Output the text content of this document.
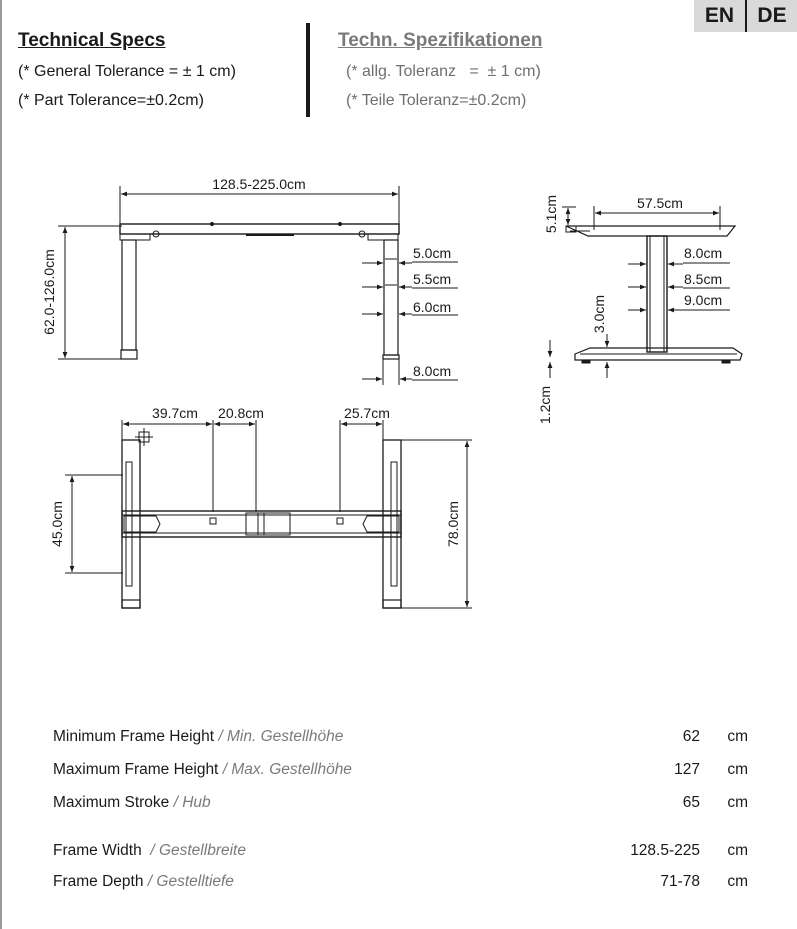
EN	DE
Technical Specs
(* General Tolerance = ± 1 cm)
(* Part Tolerance=±0.2cm)
Techn. Spezifikationen
(* allg. Toleranz   =  ± 1 cm)
(* Teile Toleranz=±0.2cm)
128.5-225.0cm
62.0-126.0cm	5.0cm
5.5cm
6.0cm
8.0cm
57.5cm
5.1cm
8.0cm
8.5cm
9.0cm
3.0cm
1.2cm
39.7cm 20.8cm	25.7cm
45.0cm	78.0cm
Minimum Frame Height / Min. Gestellhöhe	62 cm
Maximum Frame Height / Max. Gestellhöhe	127 cm
Maximum Stroke / Hub	65 cm
Frame Width  / Gestellbreite	128.5-225 cm
Frame Depth / Gestelltiefe	71-78 cm
